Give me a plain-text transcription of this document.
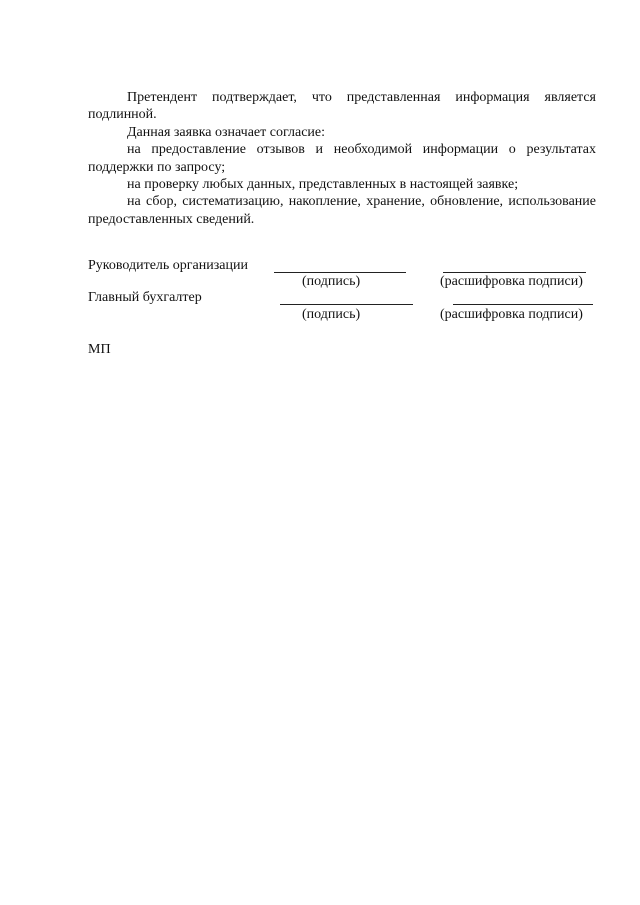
Претендент подтверждает, что представленная информация является подлинной.

Данная заявка означает согласие:

на предоставление отзывов и необходимой информации о результатах поддержки по запросу;

на проверку любых данных, представленных в настоящей заявке;

на сбор, систематизацию, накопление, хранение, обновление, использование предоставленных сведений.

Руководитель организации
(подпись)	(расшифровка подписи)
Главный бухгалтер
(подпись)	(расшифровка подписи)
МП
